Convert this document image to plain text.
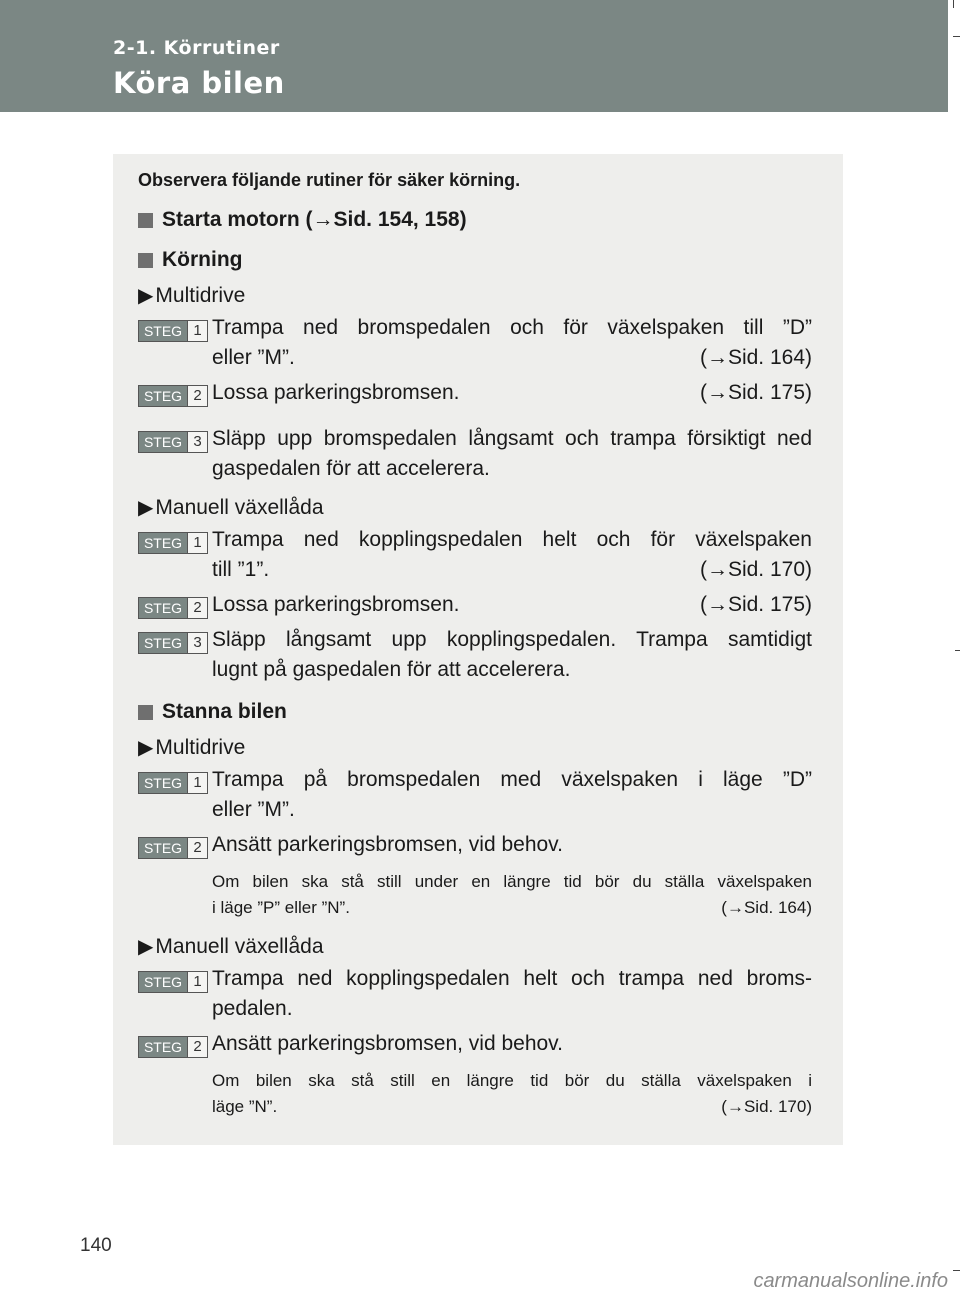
2-1. Körrutiner
Köra bilen
Observera följande rutiner för säker körning.
Starta motorn (→Sid. 154, 158)
Körning
▶ Multidrive
STEG 1 Trampa ned bromspedalen och för växelspaken till ”D”
eller ”M”.	(→Sid. 164)
STEG 2 Lossa parkeringsbromsen.	(→Sid. 175)
STEG 3 Släpp upp bromspedalen långsamt och trampa försiktigt ned
gaspedalen för att accelerera.
▶ Manuell växellåda
STEG 1 Trampa ned kopplingspedalen helt och för växelspaken
till ”1”.	(→Sid. 170)
STEG 2 Lossa parkeringsbromsen.	(→Sid. 175)
STEG 3 Släpp långsamt upp kopplingspedalen. Trampa samtidigt
lugnt på gaspedalen för att accelerera.
Stanna bilen
▶ Multidrive
STEG 1 Trampa på bromspedalen med växelspaken i läge ”D”
eller ”M”.
STEG 2 Ansätt parkeringsbromsen, vid behov.
Om bilen ska stå still under en längre tid bör du ställa växelspaken
i läge ”P” eller ”N”.	(→Sid. 164)
▶ Manuell växellåda
STEG 1 Trampa ned kopplingspedalen helt och trampa ned broms-
pedalen.
STEG 2 Ansätt parkeringsbromsen, vid behov.
Om bilen ska stå still en längre tid bör du ställa växelspaken i
läge ”N”.	(→Sid. 170)
140
carmanualsonline.info
